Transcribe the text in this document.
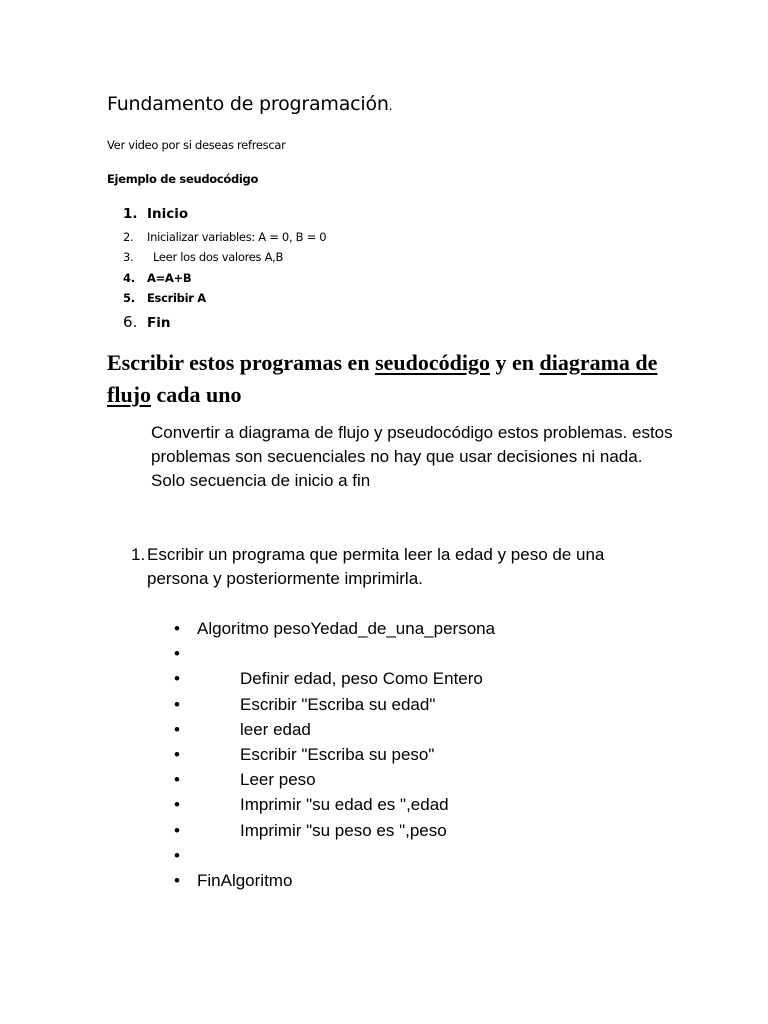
Fundamento de programación.
Ver video por si deseas refrescar
Ejemplo de seudocódigo
1. Inicio
2. Inicializar variables: A = 0, B = 0
3. Leer los dos valores A,B
4. A=A+B
5. Escribir A
6. Fin
Escribir estos programas en seudocódigo y en diagrama de flujo cada uno
Convertir a diagrama de flujo y pseudocódigo estos problemas. estos problemas son secuenciales no hay que usar decisiones ni nada. Solo secuencia de inicio a fin
1. Escribir un programa que permita leer la edad y peso de una persona y posteriormente imprimirla.
• Algoritmo pesoYedad_de_una_persona
•
•	Definir edad, peso Como Entero
•	Escribir "Escriba su edad"
•	leer edad
•	Escribir "Escriba su peso"
•	Leer peso
•	Imprimir "su edad es ",edad
•	Imprimir "su peso es ",peso
•
• FinAlgoritmo
